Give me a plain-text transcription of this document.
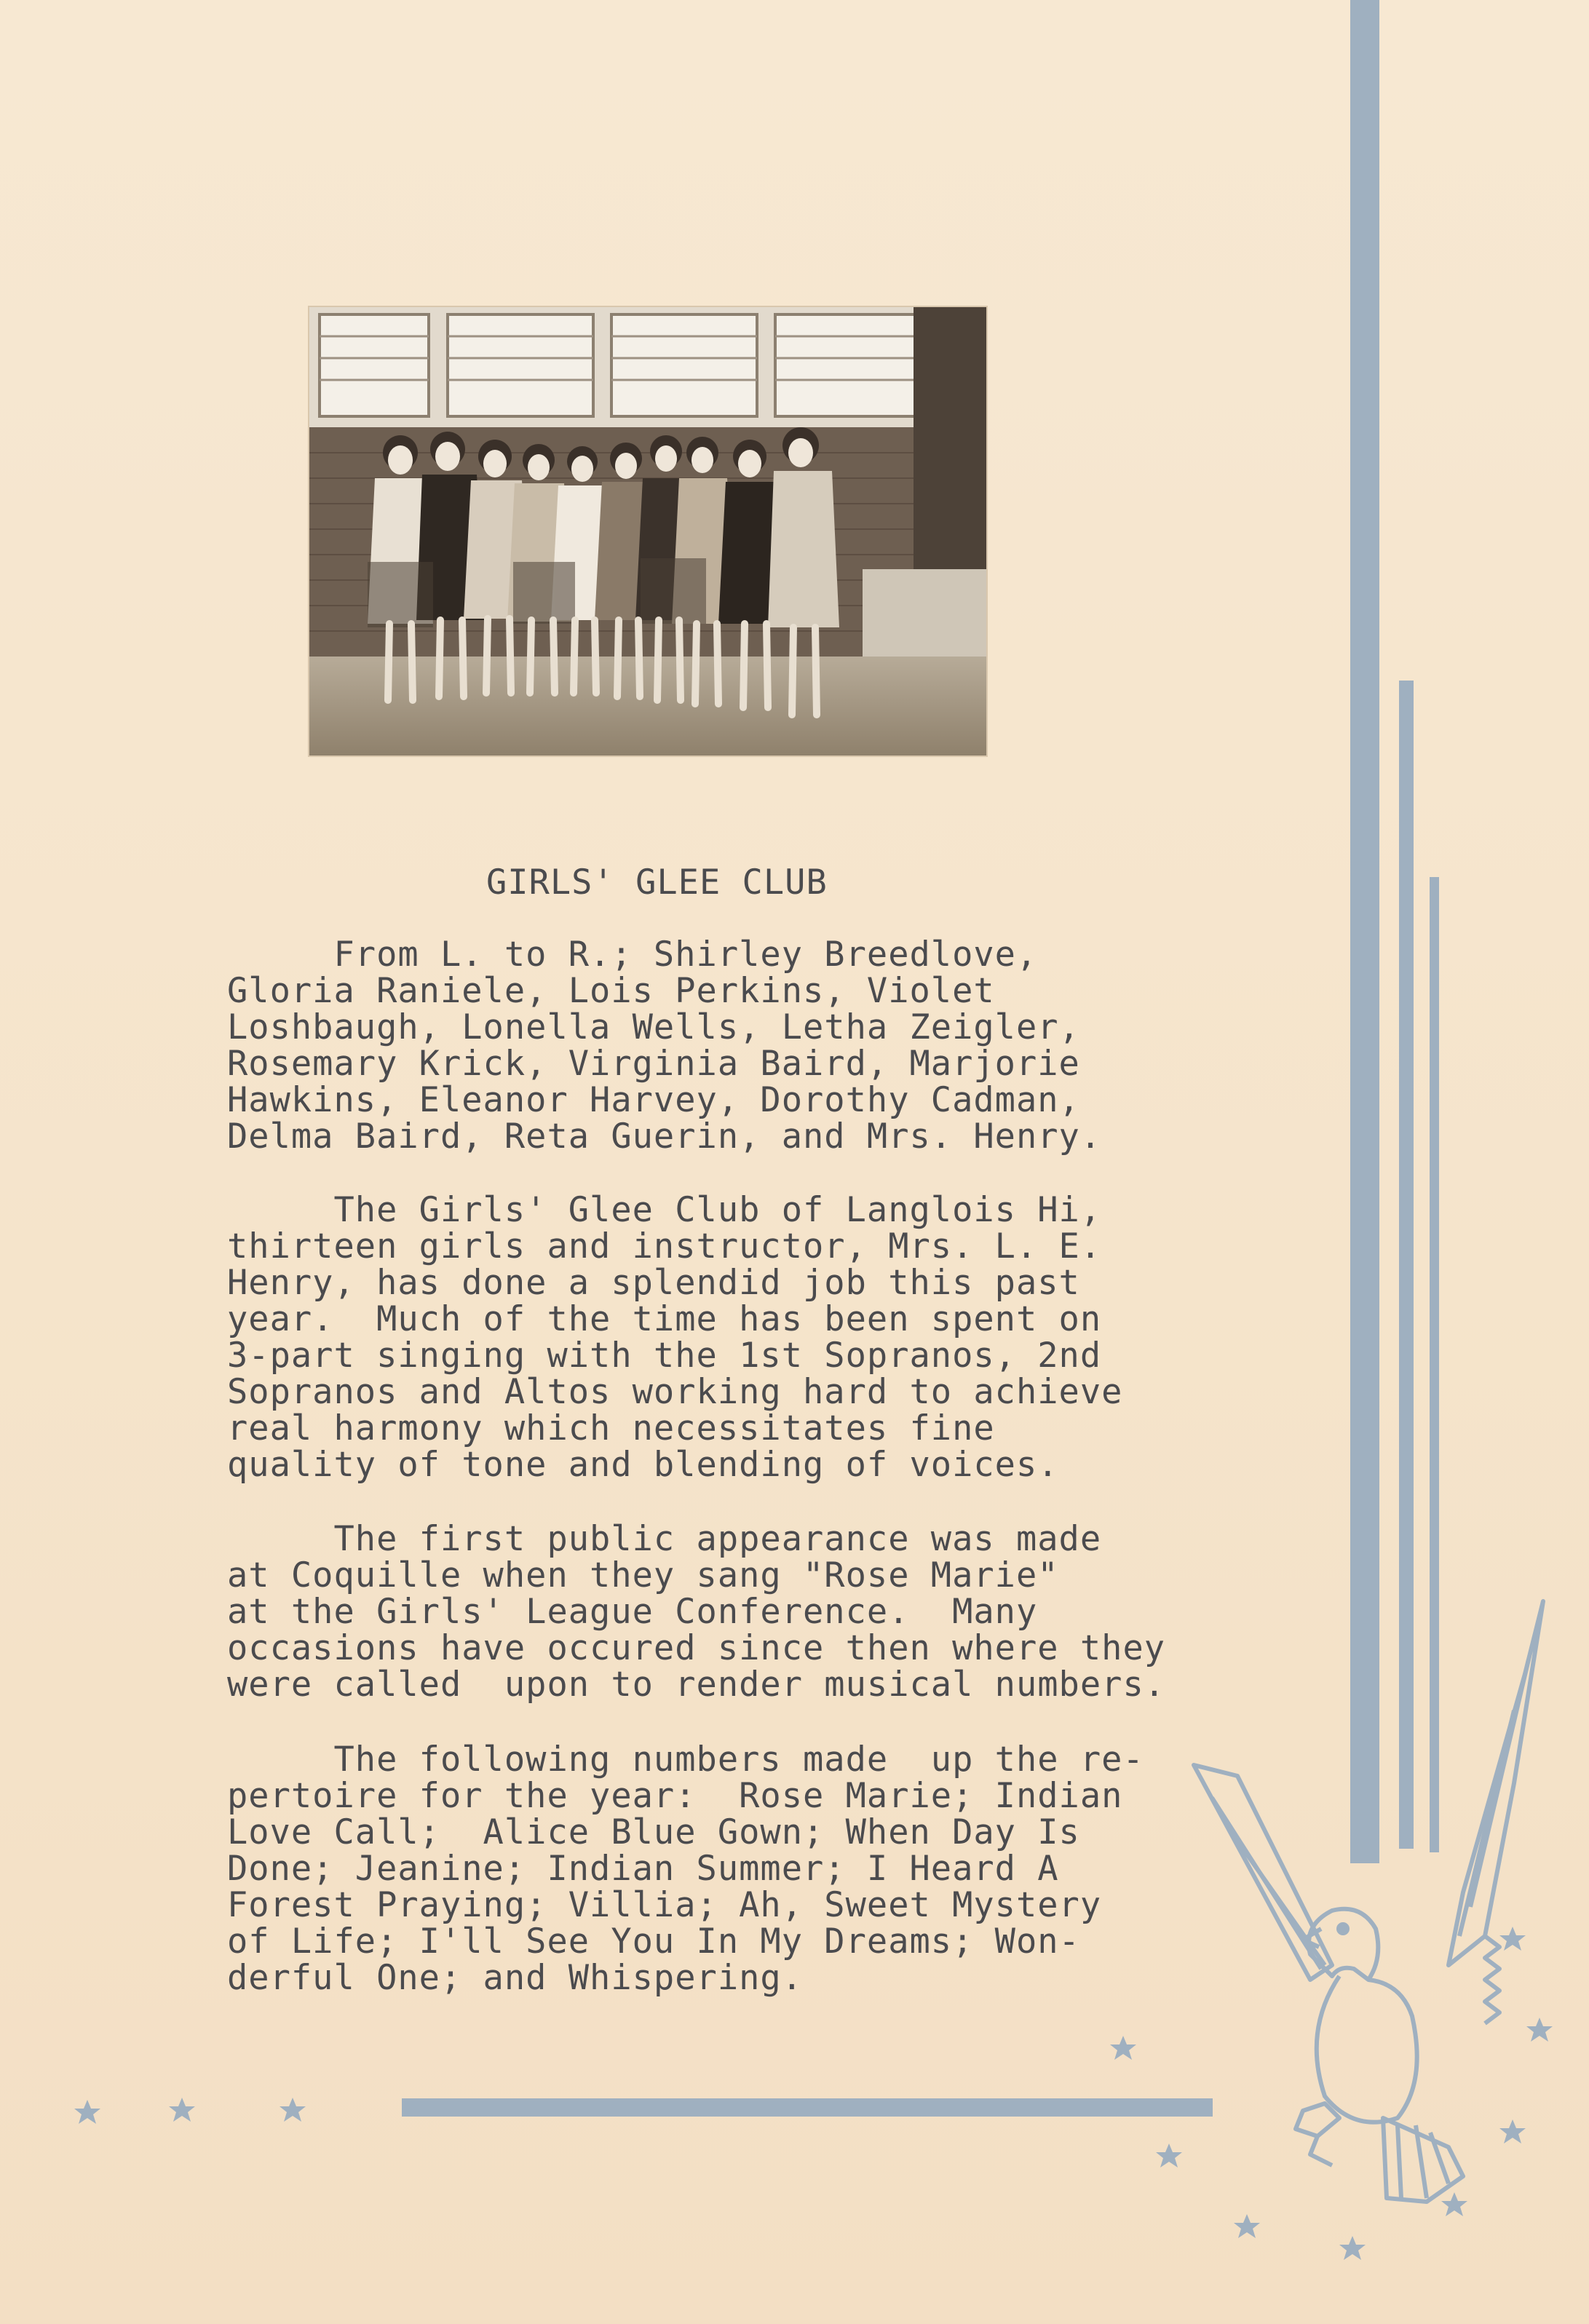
GIRLS' GLEE CLUB
From L. to R.; Shirley Breedlove,
Gloria Raniele, Lois Perkins, Violet
Loshbaugh, Lonella Wells, Letha Zeigler,
Rosemary Krick, Virginia Baird, Marjorie
Hawkins, Eleanor Harvey, Dorothy Cadman,
Delma Baird, Reta Guerin, and Mrs. Henry.
The Girls' Glee Club of Langlois Hi,
thirteen girls and instructor, Mrs. L. E.
Henry, has done a splendid job this past
year.  Much of the time has been spent on
3-part singing with the 1st Sopranos, 2nd
Sopranos and Altos working hard to achieve
real harmony which necessitates fine
quality of tone and blending of voices.
The first public appearance was made
at Coquille when they sang "Rose Marie"
at the Girls' League Conference.  Many
occasions have occured since then where they
were called  upon to render musical numbers.
The following numbers made  up the re-
pertoire for the year:  Rose Marie; Indian
Love Call;  Alice Blue Gown; When Day Is
Done; Jeanine; Indian Summer; I Heard A
Forest Praying; Villia; Ah, Sweet Mystery
of Life; I'll See You In My Dreams; Won-
derful One; and Whispering.
